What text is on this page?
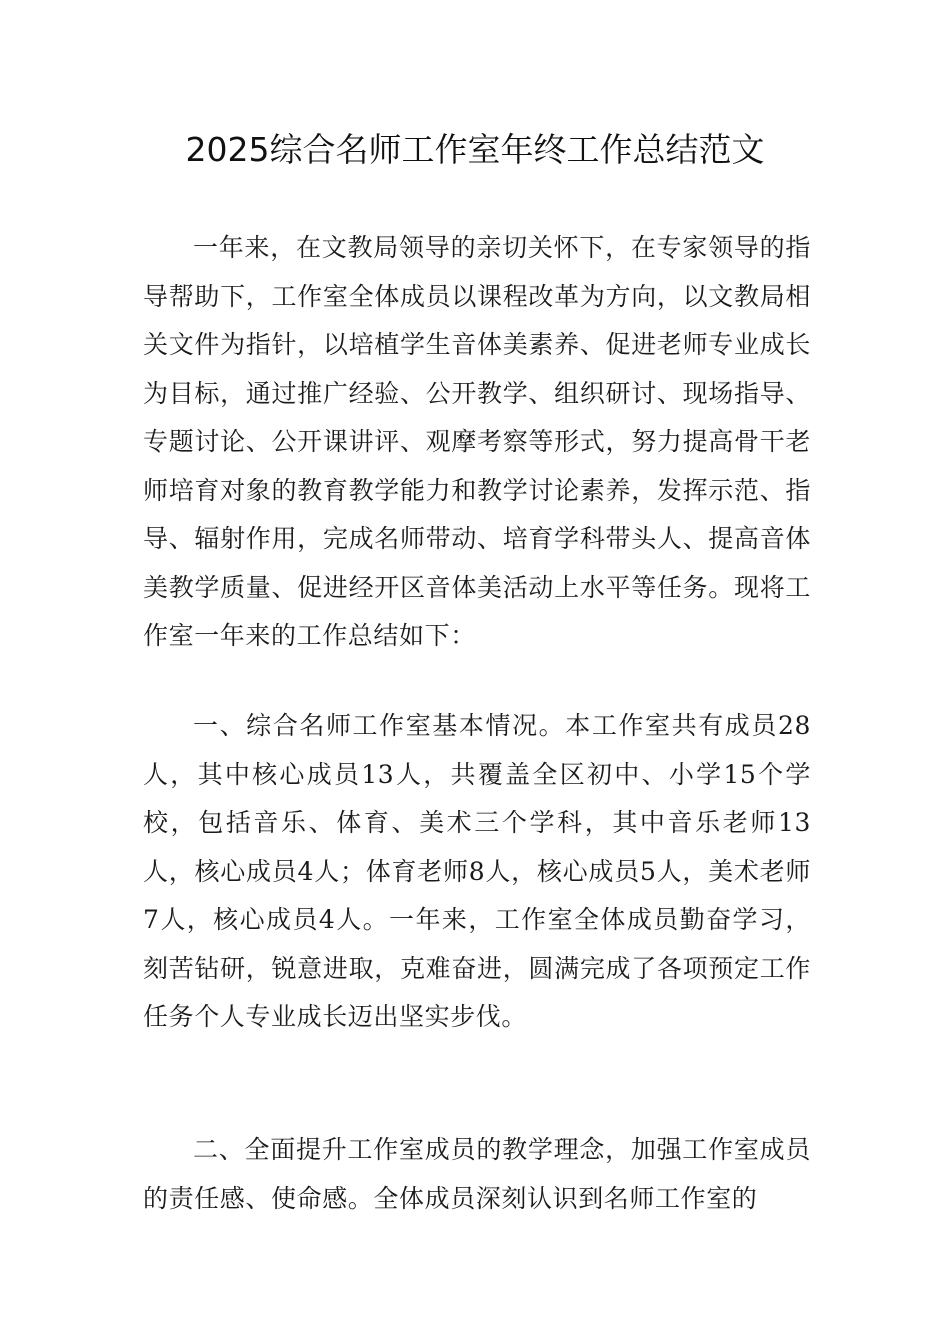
2025综合名师工作室年终工作总结范文

一年来，在文教局领导的亲切关怀下，在专家领导的指导帮助下，工作室全体成员以课程改革为方向，以文教局相关文件为指针，以培植学生音体美素养、促进老师专业成长为目标，通过推广经验、公开教学、组织研讨、现场指导、专题讨论、公开课讲评、观摩考察等形式，努力提高骨干老师培育对象的教育教学能力和教学讨论素养，发挥示范、指导、辐射作用，完成名师带动、培育学科带头人、提高音体美教学质量、促进经开区音体美活动上水平等任务。现将工作室一年来的工作总结如下：

一、综合名师工作室基本情况。本工作室共有成员28人，其中核心成员13人，共覆盖全区初中、小学15个学校，包括音乐、体育、美术三个学科，其中音乐老师13人，核心成员4人；体育老师8人，核心成员5人，美术老师7人，核心成员4人。一年来，工作室全体成员勤奋学习，刻苦钻研，锐意进取，克难奋进，圆满完成了各项预定工作任务个人专业成长迈出坚实步伐。

二、全面提升工作室成员的教学理念，加强工作室成员的责任感、使命感。全体成员深刻认识到名师工作室的
